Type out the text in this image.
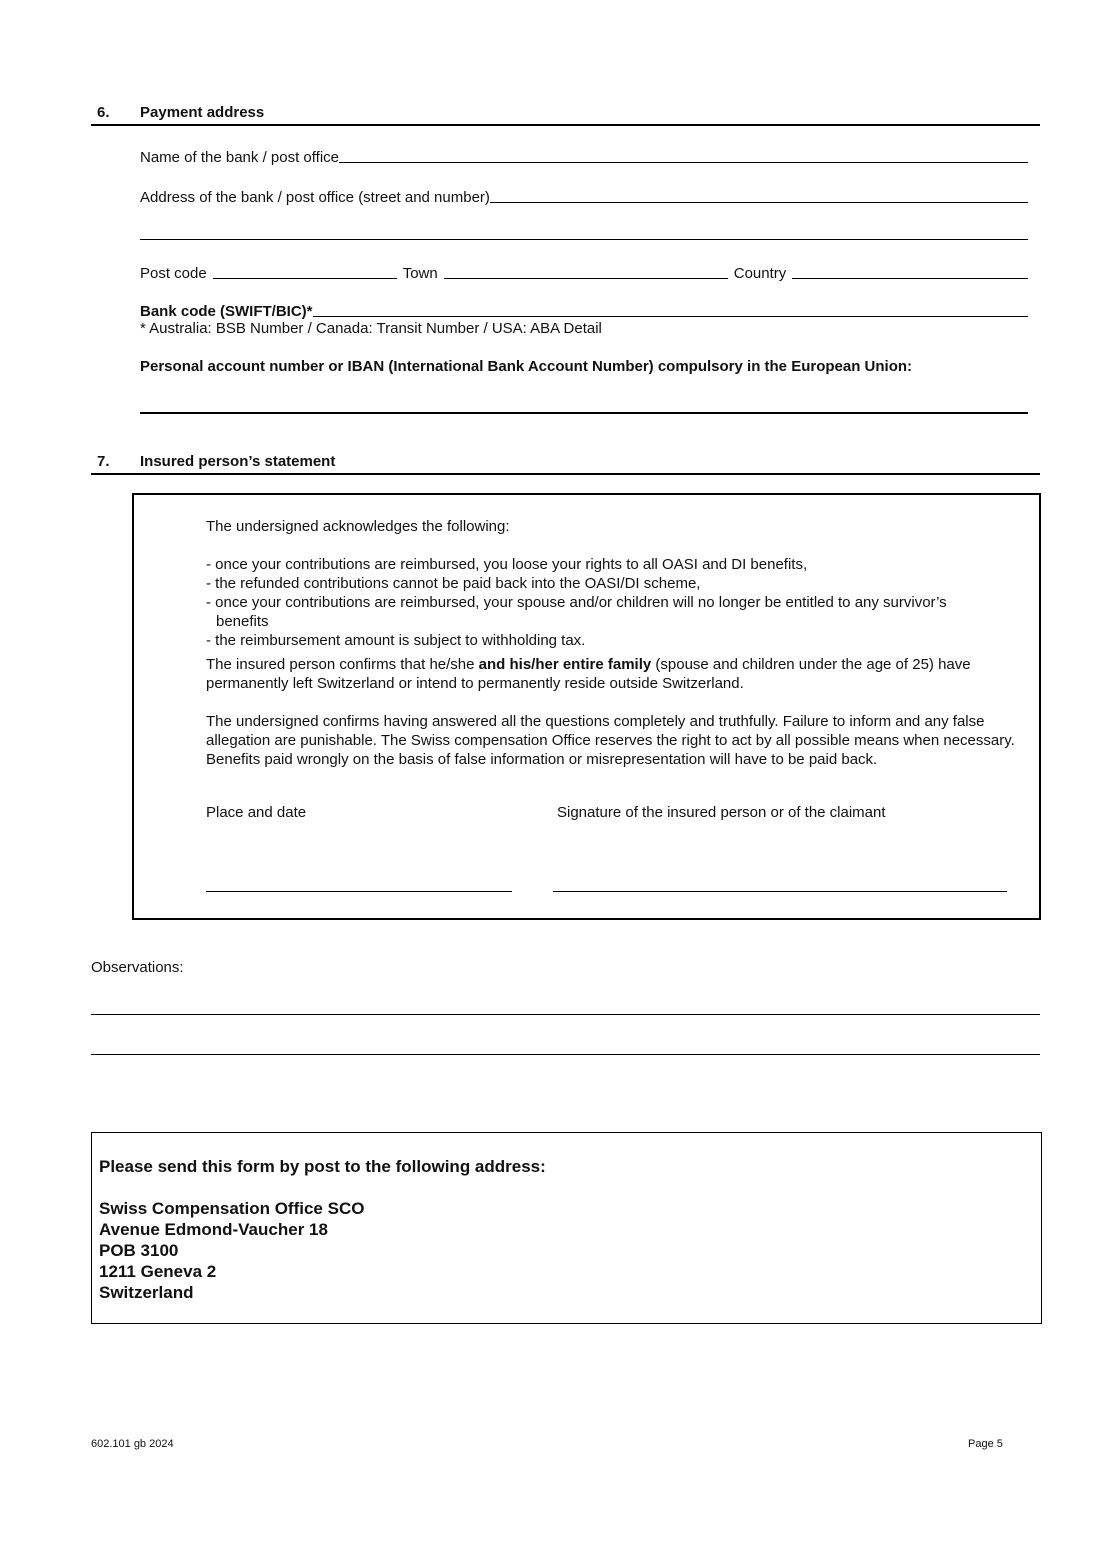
6. Payment address
Name of the bank / post office
Address of the bank / post office (street and number)
Post code	Town	Country
Bank code (SWIFT/BIC)*
* Australia: BSB Number / Canada: Transit Number / USA: ABA Detail
Personal account number or IBAN (International Bank Account Number) compulsory in the European Union:
7. Insured person’s statement
The undersigned acknowledges the following:
- once your contributions are reimbursed, you loose your rights to all OASI and DI benefits,
- the refunded contributions cannot be paid back into the OASI/DI scheme,
- once your contributions are reimbursed, your spouse and/or children will no longer be entitled to any survivor’s
benefits
- the reimbursement amount is subject to withholding tax.
The insured person confirms that he/she and his/her entire family (spouse and children under the age of 25) have permanently left Switzerland or intend to permanently reside outside Switzerland.
The undersigned confirms having answered all the questions completely and truthfully. Failure to inform and any false allegation are punishable. The Swiss compensation Office reserves the right to act by all possible means when necessary. Benefits paid wrongly on the basis of false information or misrepresentation will have to be paid back.
Place and date	Signature of the insured person or of the claimant
Observations:
Please send this form by post to the following address:
Swiss Compensation Office SCO
Avenue Edmond-Vaucher 18
POB 3100
1211 Geneva 2
Switzerland
602.101 gb 2024	Page 5
